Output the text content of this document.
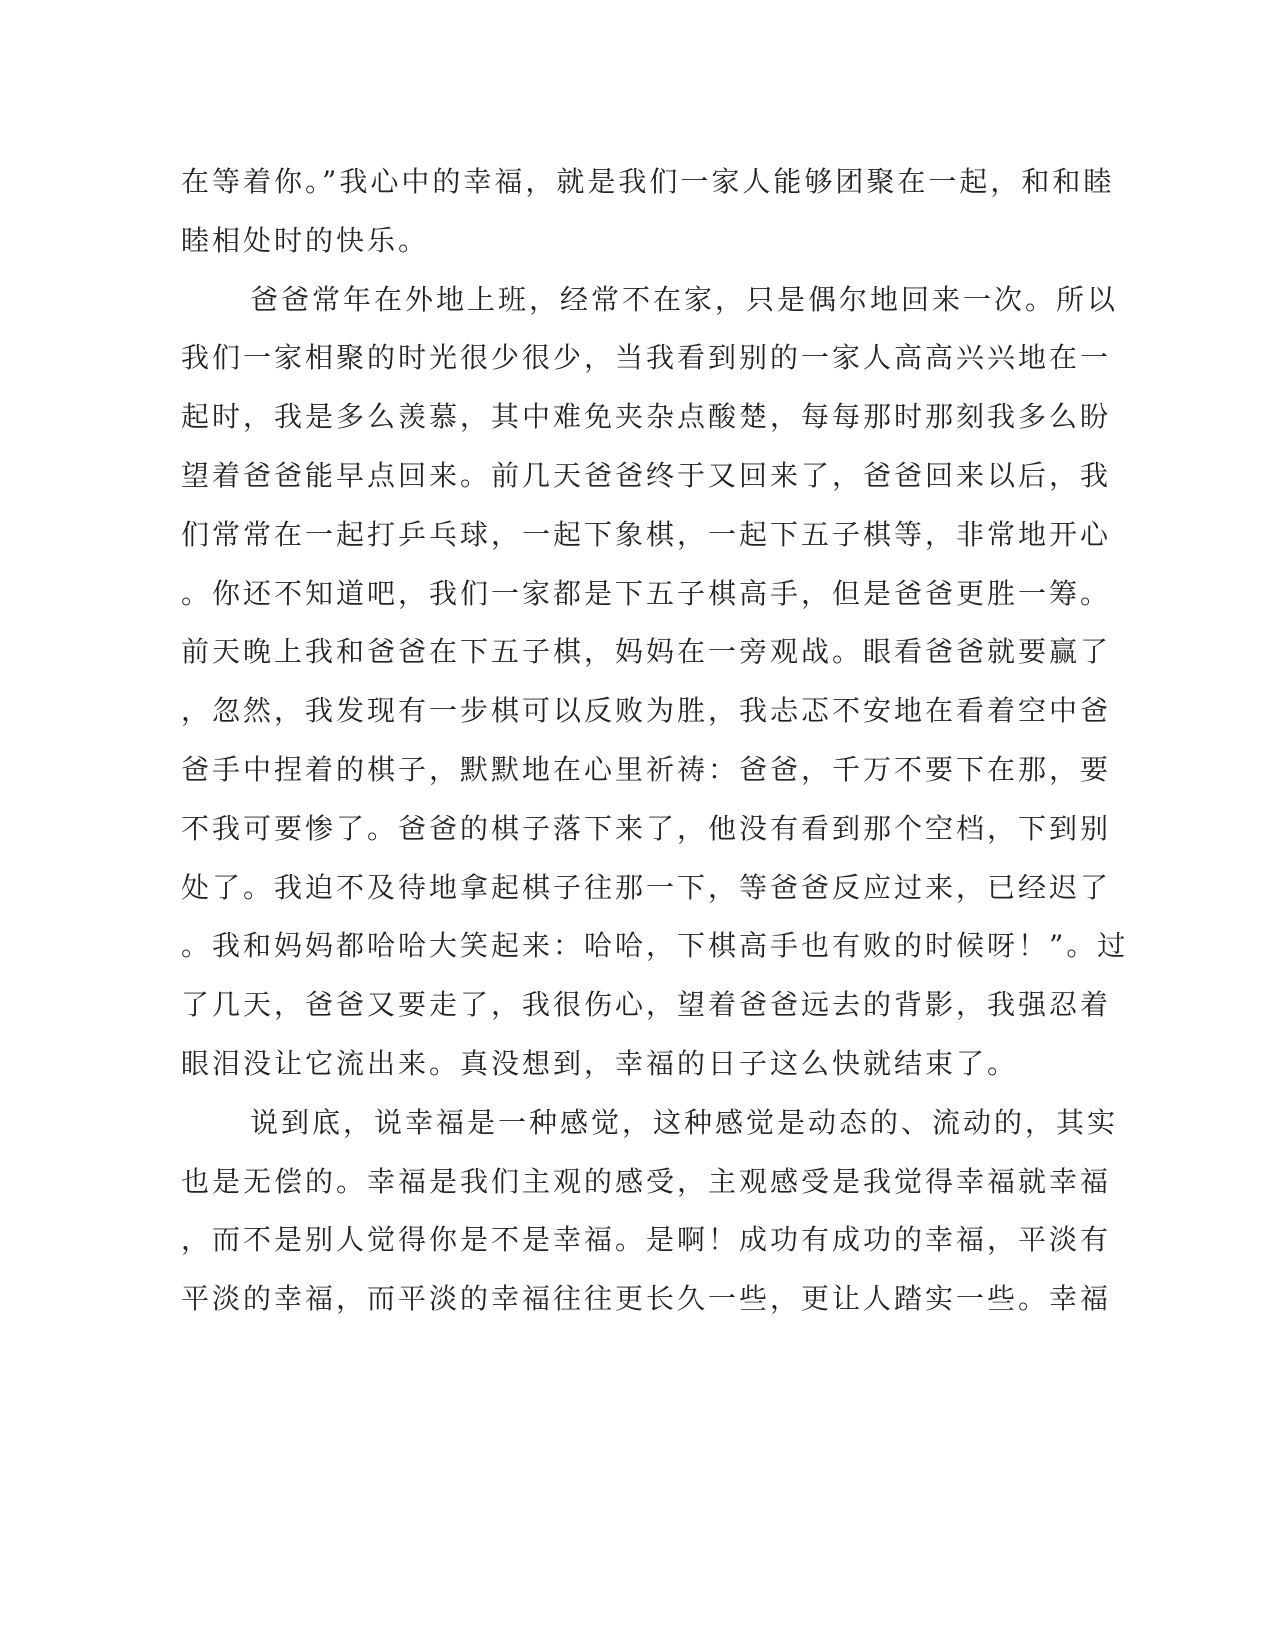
在等着你。”我心中的幸福，就是我们一家人能够团聚在一起，和和睦
睦相处时的快乐。
爸爸常年在外地上班，经常不在家，只是偶尔地回来一次。所以
我们一家相聚的时光很少很少，当我看到别的一家人高高兴兴地在一
起时，我是多么羡慕，其中难免夹杂点酸楚，每每那时那刻我多么盼
望着爸爸能早点回来。前几天爸爸终于又回来了，爸爸回来以后，我
们常常在一起打乒乓球，一起下象棋，一起下五子棋等，非常地开心
。你还不知道吧，我们一家都是下五子棋高手，但是爸爸更胜一筹。
前天晚上我和爸爸在下五子棋，妈妈在一旁观战。眼看爸爸就要赢了
，忽然，我发现有一步棋可以反败为胜，我忐忑不安地在看着空中爸
爸手中捏着的棋子，默默地在心里祈祷：爸爸，千万不要下在那，要
不我可要惨了。爸爸的棋子落下来了，他没有看到那个空档，下到别
处了。我迫不及待地拿起棋子往那一下，等爸爸反应过来，已经迟了
。我和妈妈都哈哈大笑起来：哈哈，下棋高手也有败的时候呀！”。过
了几天，爸爸又要走了，我很伤心，望着爸爸远去的背影，我强忍着
眼泪没让它流出来。真没想到，幸福的日子这么快就结束了。
说到底，说幸福是一种感觉，这种感觉是动态的、流动的，其实
也是无偿的。幸福是我们主观的感受，主观感受是我觉得幸福就幸福
，而不是别人觉得你是不是幸福。是啊！成功有成功的幸福，平淡有
平淡的幸福，而平淡的幸福往往更长久一些，更让人踏实一些。幸福
